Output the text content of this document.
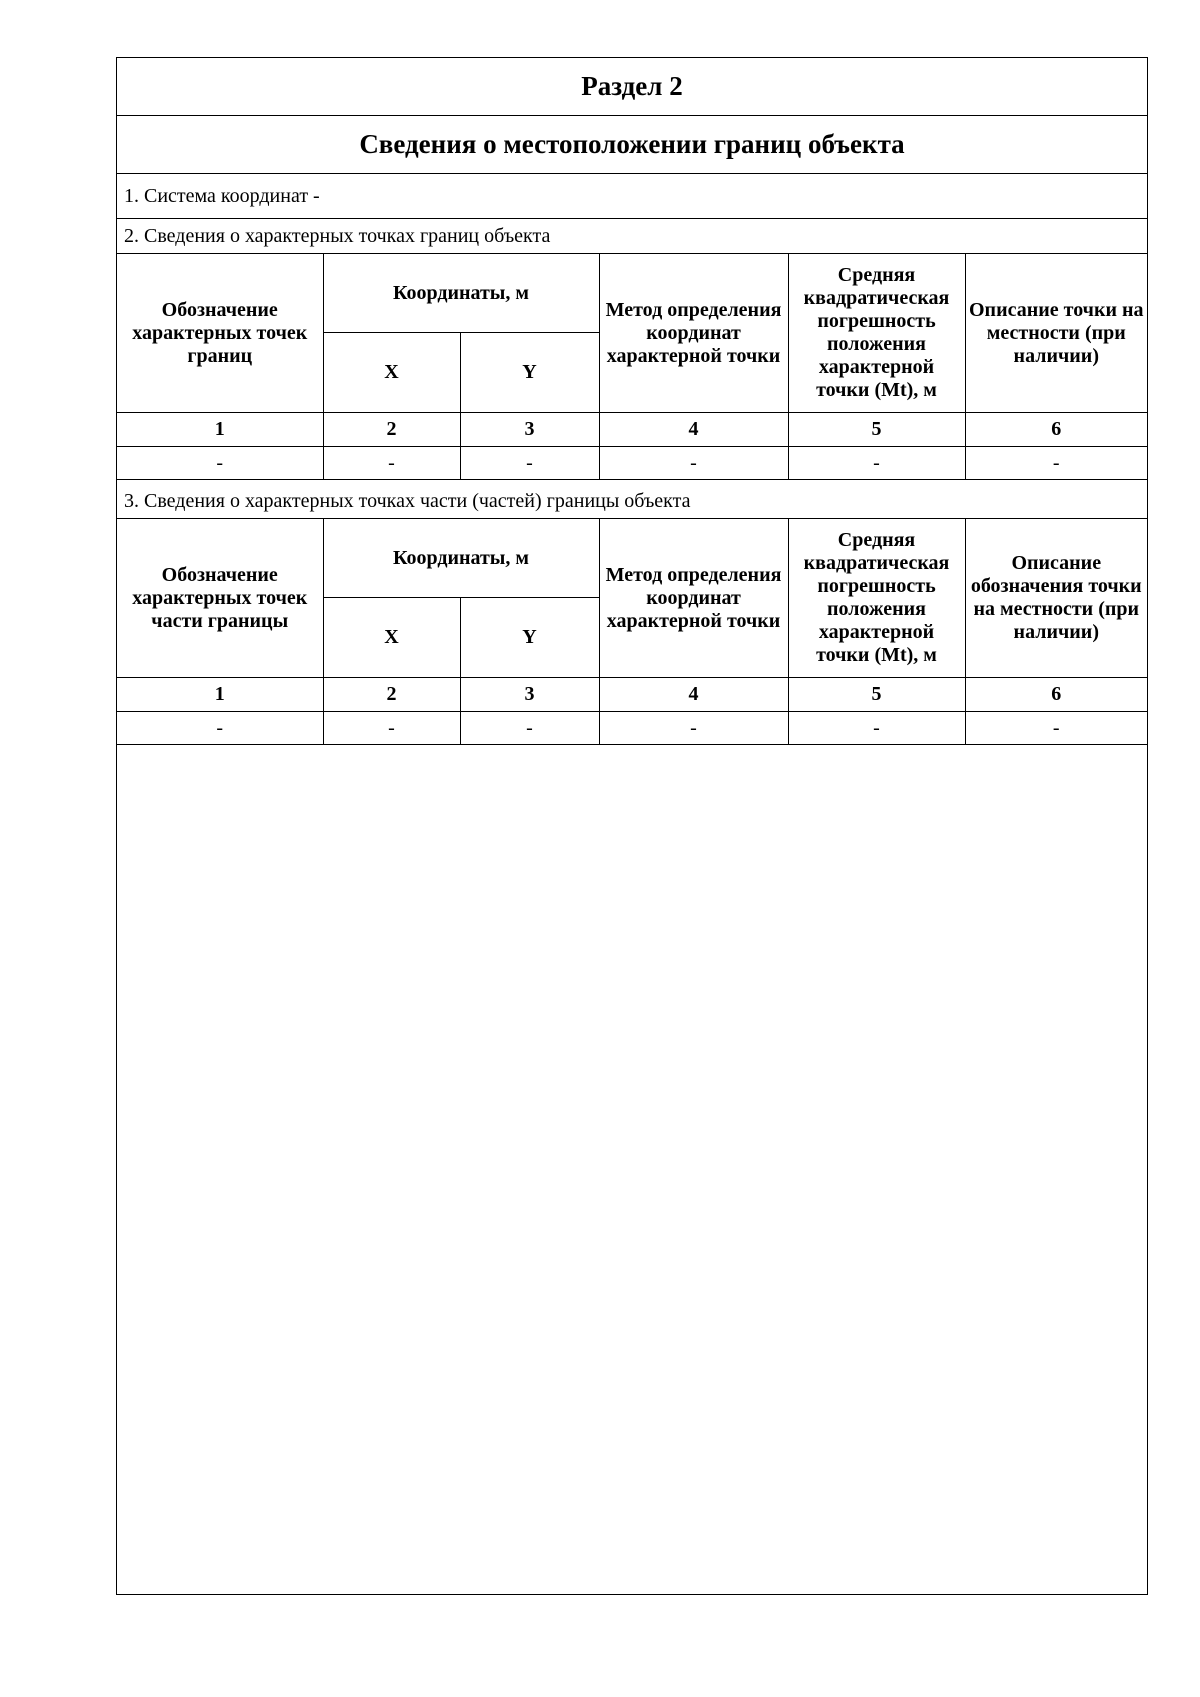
Раздел 2
Сведения о местоположении границ объекта
1. Система координат -
2. Сведения о характерных точках границ объекта
Обозначение характерных точек границ	Координаты, м		Метод определения координат характерной точки	Средняя квадратическая погрешность положения характерной точки (Mt), м	Описание точки на местности (при наличии)
	X	Y			
1	2	3	4	5	6
-	-	-	-	-	-
3. Сведения о характерных точках части (частей) границы объекта
Обозначение характерных точек части границы	Координаты, м		Метод определения координат характерной точки	Средняя квадратическая погрешность положения характерной точки (Mt), м	Описание обозначения точки на местности (при наличии)
	X	Y			
1	2	3	4	5	6
-	-	-	-	-	-
